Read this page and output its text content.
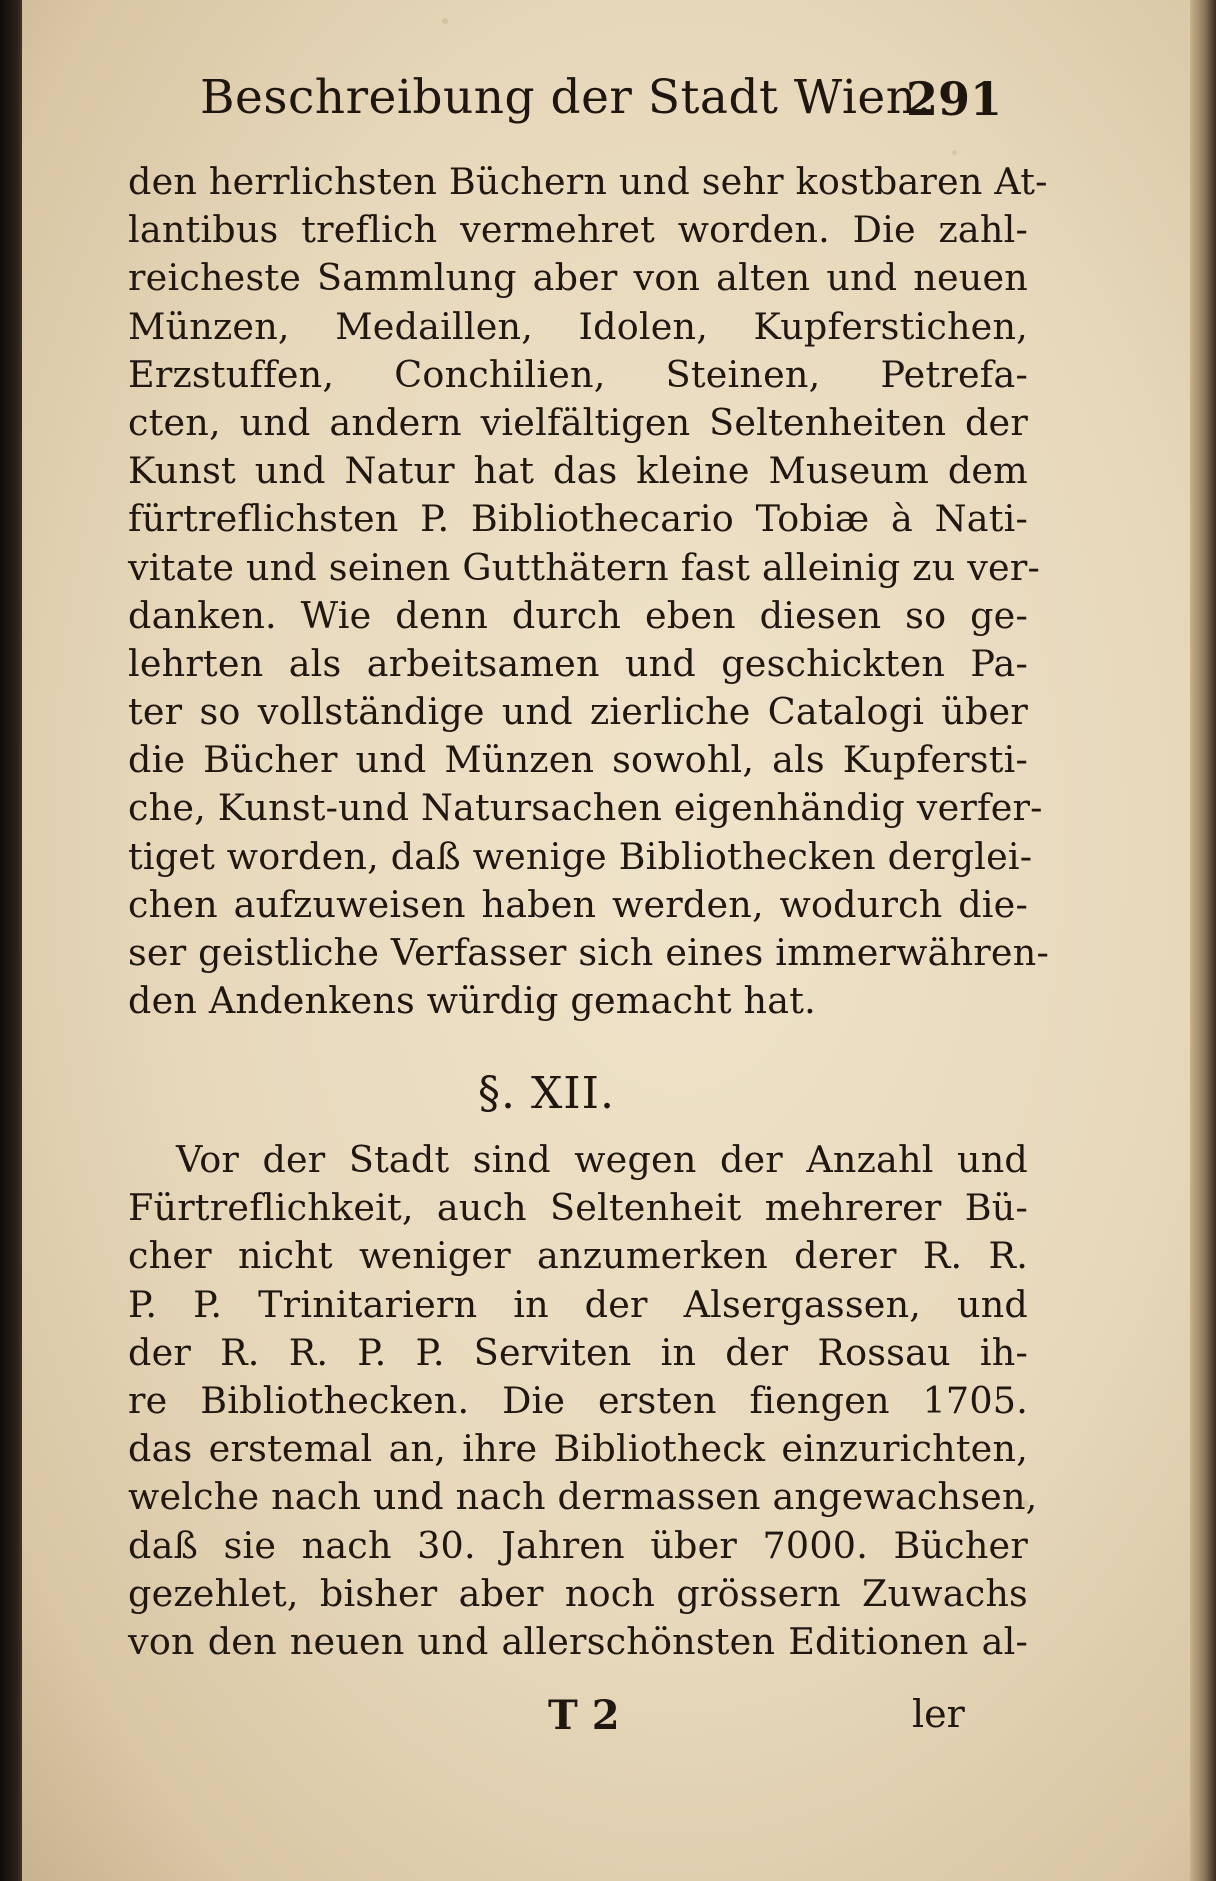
Beschreibung der Stadt Wien.
291
den herrlichsten Büchern und sehr kostbaren At-
lantibus treflich vermehret worden. Die zahl-
reicheste Sammlung aber von alten und neuen
Münzen, Medaillen, Idolen, Kupferstichen,
Erzstuffen, Conchilien, Steinen, Petrefa-
cten, und andern vielfältigen Seltenheiten der
Kunst und Natur hat das kleine Museum dem
fürtreflichsten P. Bibliothecario Tobiæ à Nati-
vitate und seinen Gutthätern fast alleinig zu ver-
danken. Wie denn durch eben diesen so ge-
lehrten als arbeitsamen und geschickten Pa-
ter so vollständige und zierliche Catalogi über
die Bücher und Münzen sowohl, als Kupfersti-
che, Kunst-und Natursachen eigenhändig verfer-
tiget worden, daß wenige Bibliothecken derglei-
chen aufzuweisen haben werden, wodurch die-
ser geistliche Verfasser sich eines immerwähren-
den Andenkens würdig gemacht hat.
§. XII.
Vor der Stadt sind wegen der Anzahl und
Fürtreflichkeit, auch Seltenheit mehrerer Bü-
cher nicht weniger anzumerken derer R. R.
P. P. Trinitariern in der Alsergassen, und
der R. R. P. P. Serviten in der Rossau ih-
re Bibliothecken. Die ersten fiengen 1705.
das erstemal an, ihre Bibliotheck einzurichten,
welche nach und nach dermassen angewachsen,
daß sie nach 30. Jahren über 7000. Bücher
gezehlet, bisher aber noch grössern Zuwachs
von den neuen und allerschönsten Editionen al-
T 2	ler
